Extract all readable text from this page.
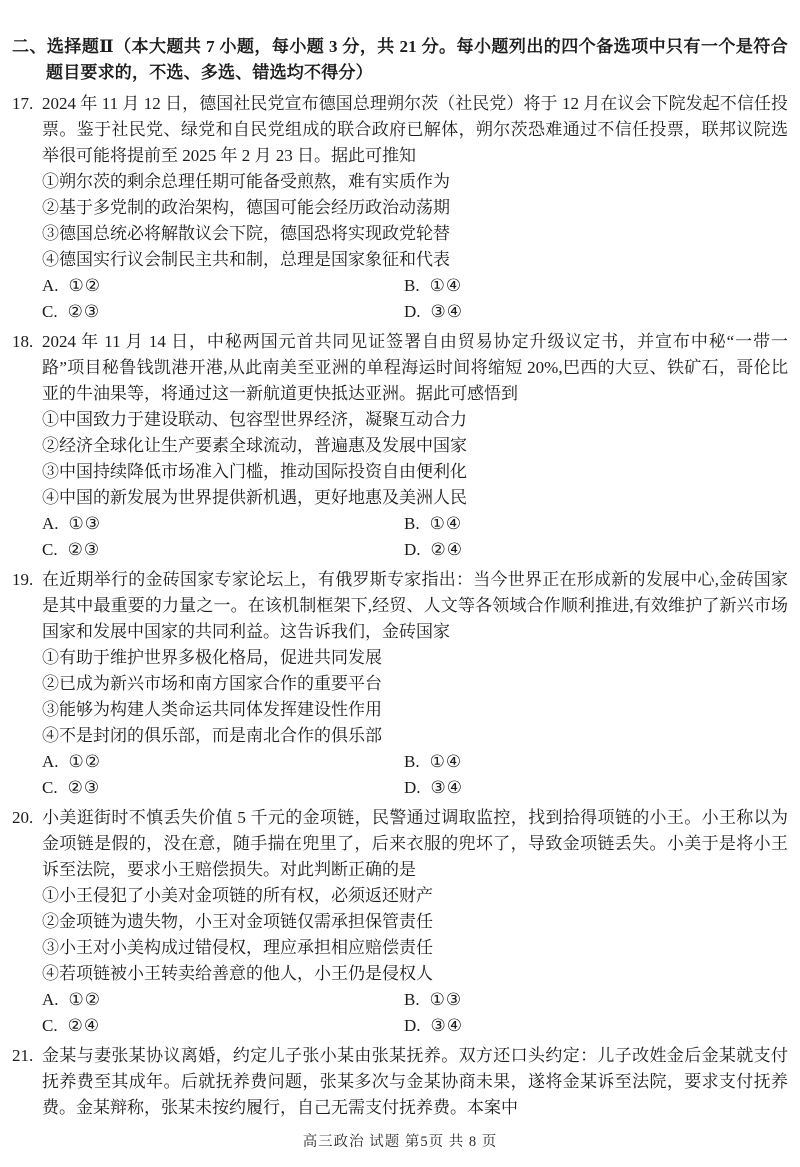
二、选择题Ⅱ（本大题共 7 小题，每小题 3 分，共 21 分。每小题列出的四个备选项中只有一个是符合题目要求的，不选、多选、错选均不得分）
17. 2024 年 11 月 12 日，德国社民党宣布德国总理朔尔茨（社民党）将于 12 月在议会下院发起不信任投票。鉴于社民党、绿党和自民党组成的联合政府已解体，朔尔茨恐难通过不信任投票，联邦议院选举很可能将提前至 2025 年 2 月 23 日。据此可推知

①朔尔茨的剩余总理任期可能备受煎熬，难有实质作为
②基于多党制的政治架构，德国可能会经历政治动荡期
③德国总统必将解散议会下院，德国恐将实现政党轮替
④德国实行议会制民主共和制，总理是国家象征和代表
A. ①②	B. ①④
C. ②③	D. ③④
18. 2024 年 11 月 14 日，中秘两国元首共同见证签署自由贸易协定升级议定书，并宣布中秘“一带一路”项目秘鲁钱凯港开港,从此南美至亚洲的单程海运时间将缩短 20%,巴西的大豆、铁矿石，哥伦比亚的牛油果等，将通过这一新航道更快抵达亚洲。据此可感悟到

①中国致力于建设联动、包容型世界经济，凝聚互动合力
②经济全球化让生产要素全球流动，普遍惠及发展中国家
③中国持续降低市场准入门槛，推动国际投资自由便利化
④中国的新发展为世界提供新机遇，更好地惠及美洲人民
A. ①③	B. ①④
C. ②③	D. ②④
19. 在近期举行的金砖国家专家论坛上，有俄罗斯专家指出：当今世界正在形成新的发展中心,金砖国家是其中最重要的力量之一。在该机制框架下,经贸、人文等各领域合作顺利推进,有效维护了新兴市场国家和发展中国家的共同利益。这告诉我们，金砖国家

①有助于维护世界多极化格局，促进共同发展
②已成为新兴市场和南方国家合作的重要平台
③能够为构建人类命运共同体发挥建设性作用
④不是封闭的俱乐部，而是南北合作的俱乐部
A. ①②	B. ①④
C. ②③	D. ③④
20. 小美逛街时不慎丢失价值 5 千元的金项链，民警通过调取监控，找到拾得项链的小王。小王称以为金项链是假的，没在意，随手揣在兜里了，后来衣服的兜坏了，导致金项链丢失。小美于是将小王诉至法院，要求小王赔偿损失。对此判断正确的是

①小王侵犯了小美对金项链的所有权，必须返还财产
②金项链为遗失物，小王对金项链仅需承担保管责任
③小王对小美构成过错侵权，理应承担相应赔偿责任
④若项链被小王转卖给善意的他人，小王仍是侵权人
A. ①②	B. ①③
C. ②④	D. ③④
21. 金某与妻张某协议离婚，约定儿子张小某由张某抚养。双方还口头约定：儿子改姓金后金某就支付抚养费至其成年。后就抚养费问题，张某多次与金某协商未果，遂将金某诉至法院，要求支付抚养费。金某辩称，张某未按约履行，自己无需支付抚养费。本案中

高三政治 试题 第5页 共 8 页
